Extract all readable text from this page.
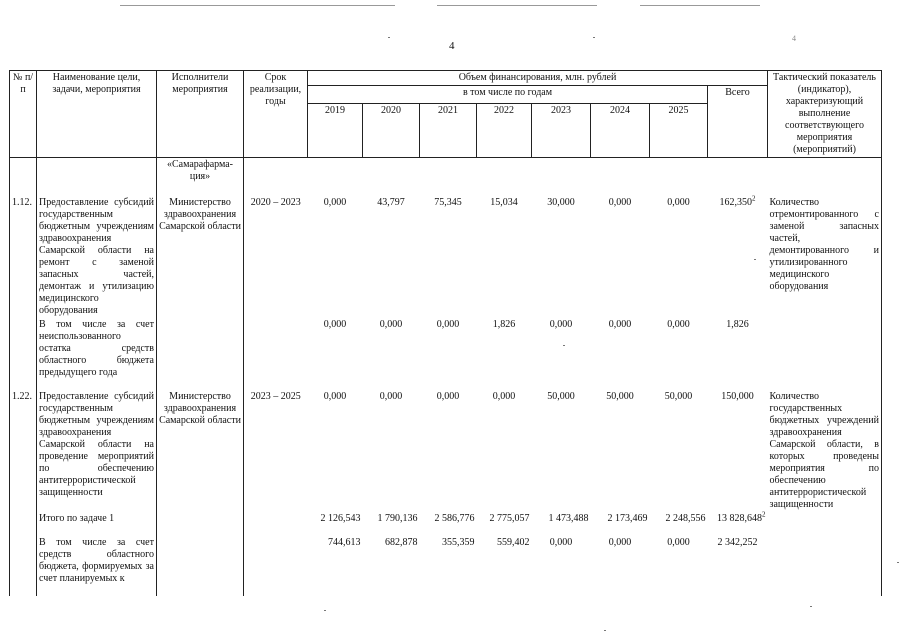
4
4
№ п/п	Наименование цели, задачи, мероприятия	Исполнители мероприятия	Срок реализации, годы	Объем финансирования, млн. рублей								Тактический показатель (индикатор), характеризующий выполнение соответствующего мероприятия (мероприятий)
				в том числе по годам							Всего	
				2019	2020	2021	2022	2023	2024	2025		
		«Самарафарма-ция»										
1.12.	Предоставление субсидий государственным бюджетным учреждениям здравоохранения Самарской области на ремонт с заменой запасных частей, демонтаж и утилизацию медицинского оборудования	Министерство здравоохранения Самарской области	2020 – 2023	0,000	43,797	75,345	15,034	30,000	0,000	0,000	162,350$^2$	Количество отремонтированного с заменой запасных частей, демонтированного и утилизированного медицинского оборудования
	В том числе за счет неиспользованного остатка средств областного бюджета предыдущего года			0,000	0,000	0,000	1,826	0,000	0,000	0,000	1,826	
1.22.	Предоставление субсидий государственным бюджетным учреждениям здравоохранения Самарской области на проведение мероприятий по обеспечению антитеррористической защищенности	Министерство здравоохранения Самарской области	2023 – 2025	0,000	0,000	0,000	0,000	50,000	50,000	50,000	150,000	Количество государственных бюджетных учреждений здравоохранения Самарской области, в которых проведены мероприятия по обеспечению антитеррористической защищенности
	Итого по задаче 1			2 126,543	1 790,136	2 586,776	2 775,057	1 473,488	2 173,469	2 248,556	13 828,648$^2$	
	В том числе за счет средств областного бюджета, формируемых за счет планируемых к			744,613	682,878	355,359	559,402	0,000	0,000	0,000	2 342,252	
